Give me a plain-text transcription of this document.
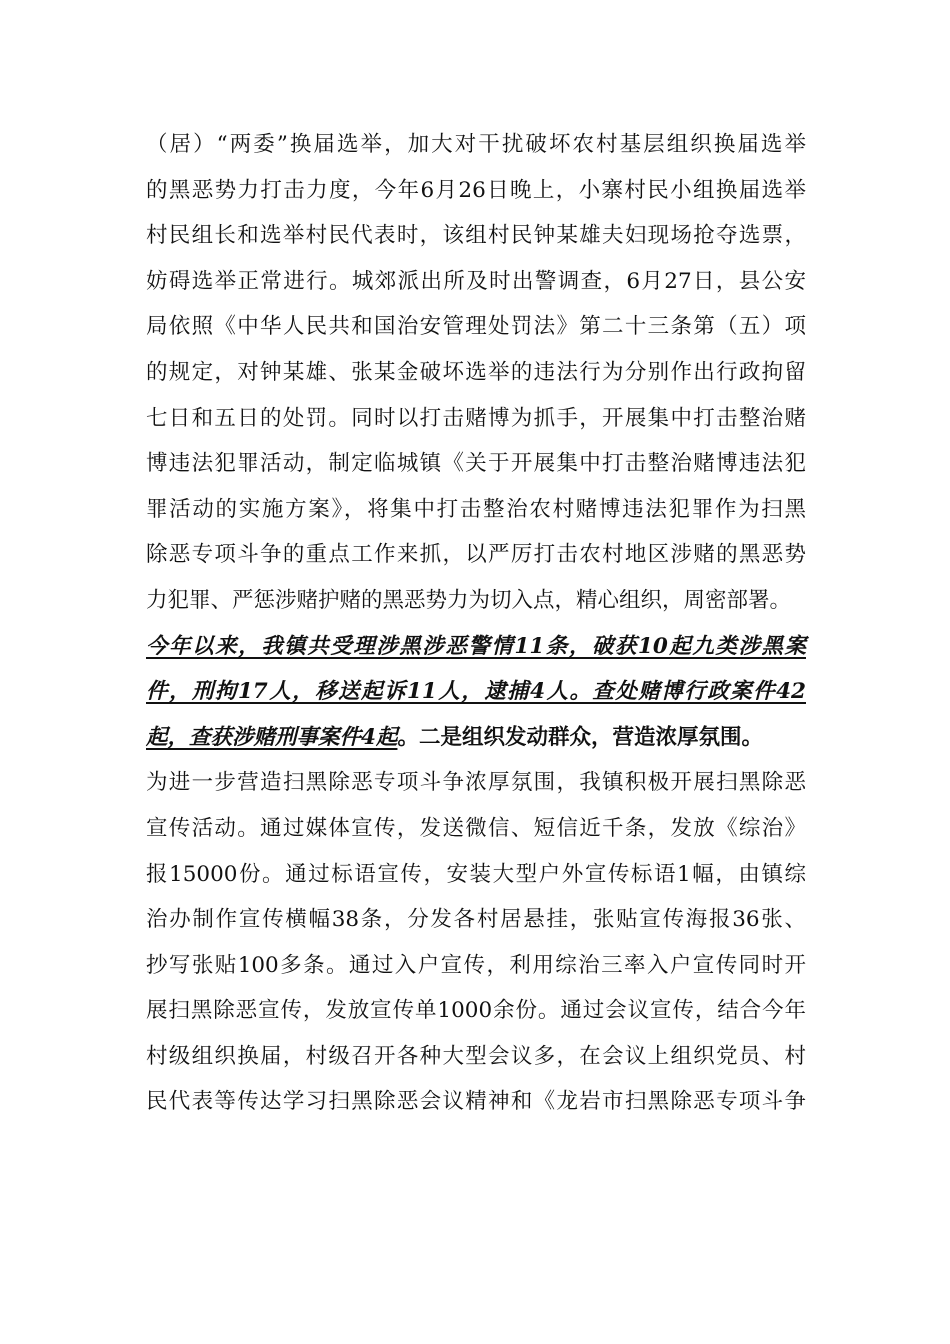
（居）“两委”换届选举，加大对干扰破坏农村基层组织换届选举
的黑恶势力打击力度，今年6月26日晚上，小寨村民小组换届选举
村民组长和选举村民代表时，该组村民钟某雄夫妇现场抢夺选票，
妨碍选举正常进行。城郊派出所及时出警调查，6月27日，县公安
局依照《中华人民共和国治安管理处罚法》第二十三条第（五）项
的规定，对钟某雄、张某金破坏选举的违法行为分别作出行政拘留
七日和五日的处罚。同时以打击赌博为抓手，开展集中打击整治赌
博违法犯罪活动，制定临城镇《关于开展集中打击整治赌博违法犯
罪活动的实施方案》，将集中打击整治农村赌博违法犯罪作为扫黑
除恶专项斗争的重点工作来抓，以严厉打击农村地区涉赌的黑恶势
力犯罪、严惩涉赌护赌的黑恶势力为切入点，精心组织，周密部署。
今年以来，我镇共受理涉黑涉恶警情11条，破获10起九类涉黑案
件，刑拘17人，移送起诉11人，逮捕4人。查处赌博行政案件42
起，查获涉赌刑事案件4起。二是组织发动群众，营造浓厚氛围。
为进一步营造扫黑除恶专项斗争浓厚氛围，我镇积极开展扫黑除恶
宣传活动。通过媒体宣传，发送微信、短信近千条，发放《综治》
报15000份。通过标语宣传，安装大型户外宣传标语1幅，由镇综
治办制作宣传横幅38条，分发各村居悬挂，张贴宣传海报36张、
抄写张贴100多条。通过入户宣传，利用综治三率入户宣传同时开
展扫黑除恶宣传，发放宣传单1000余份。通过会议宣传，结合今年
村级组织换届，村级召开各种大型会议多，在会议上组织党员、村
民代表等传达学习扫黑除恶会议精神和《龙岩市扫黑除恶专项斗争
